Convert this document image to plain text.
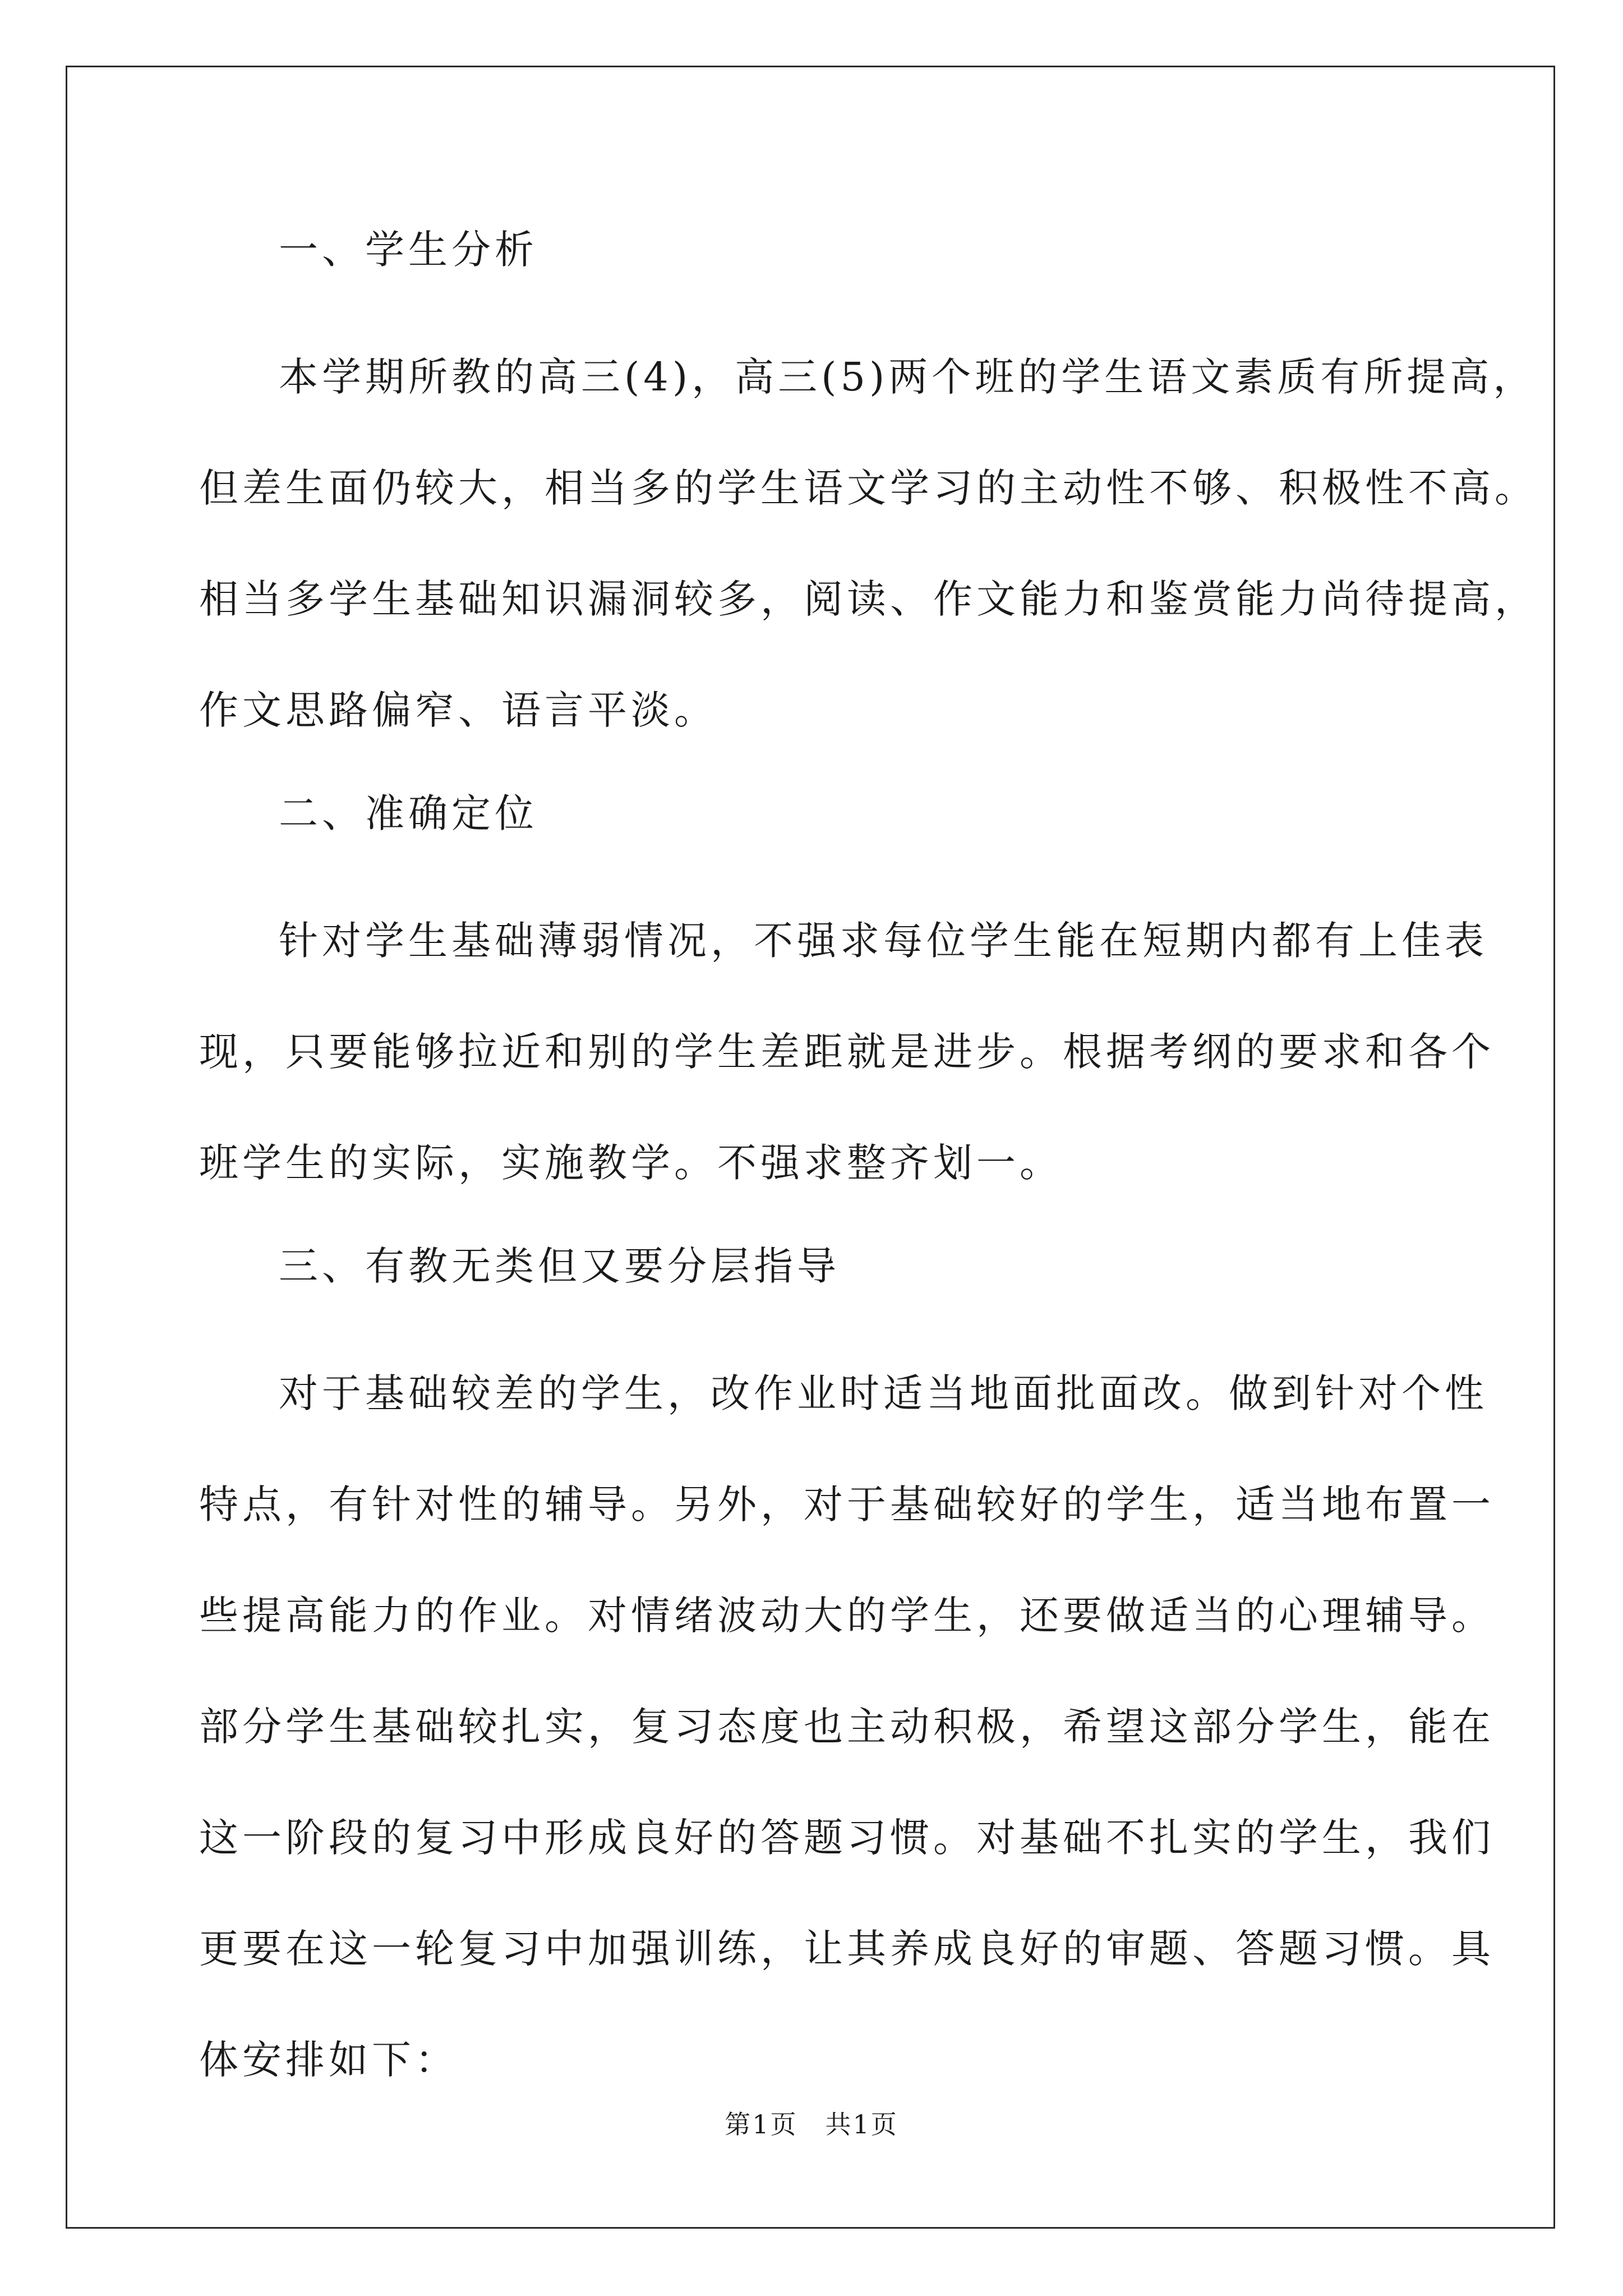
一、学生分析
本学期所教的高三(4)，高三(5)两个班的学生语文素质有所提高，
但差生面仍较大，相当多的学生语文学习的主动性不够、积极性不高。
相当多学生基础知识漏洞较多，阅读、作文能力和鉴赏能力尚待提高，
作文思路偏窄、语言平淡。
二、准确定位
针对学生基础薄弱情况，不强求每位学生能在短期内都有上佳表
现，只要能够拉近和别的学生差距就是进步。根据考纲的要求和各个
班学生的实际，实施教学。不强求整齐划一。
三、有教无类但又要分层指导
对于基础较差的学生，改作业时适当地面批面改。做到针对个性
特点，有针对性的辅导。另外，对于基础较好的学生，适当地布置一
些提高能力的作业。对情绪波动大的学生，还要做适当的心理辅导。
部分学生基础较扎实，复习态度也主动积极，希望这部分学生，能在
这一阶段的复习中形成良好的答题习惯。对基础不扎实的学生，我们
更要在这一轮复习中加强训练，让其养成良好的审题、答题习惯。具
体安排如下：
第1页　共1页
